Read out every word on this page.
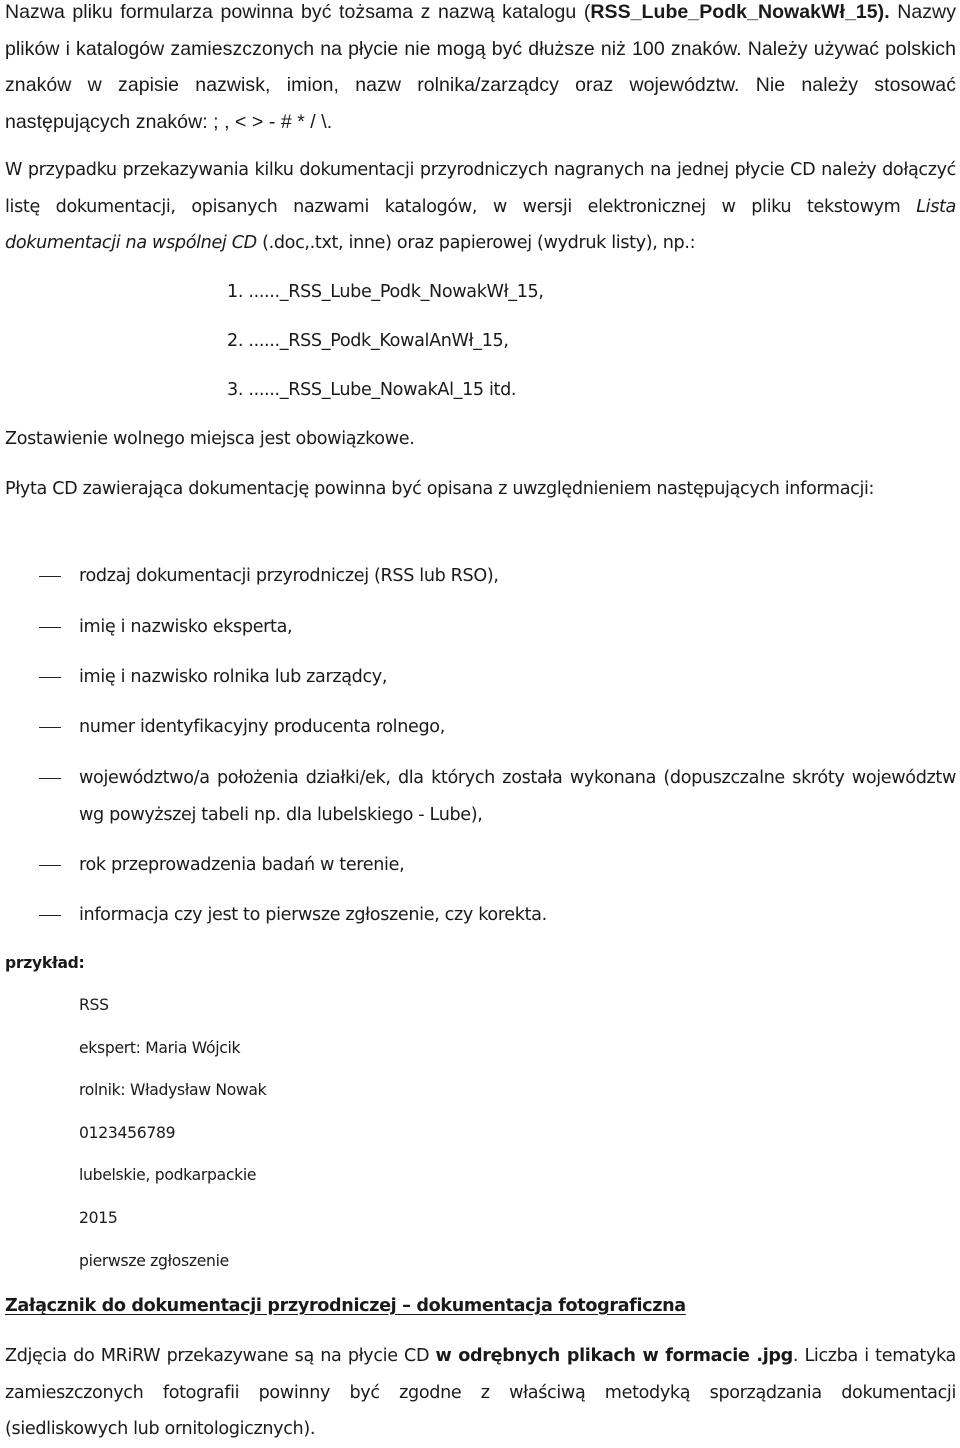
Nazwa pliku formularza powinna być tożsama z nazwą katalogu (RSS_Lube_Podk_NowakWł_15). Nazwy plików i katalogów zamieszczonych na płycie nie mogą być dłuższe niż 100 znaków. Należy używać polskich znaków w zapisie nazwisk, imion, nazw rolnika/zarządcy oraz województw. Nie należy stosować następujących znaków: ; , < > - # * / \.

W przypadku przekazywania kilku dokumentacji przyrodniczych nagranych na jednej płycie CD należy dołączyć listę dokumentacji, opisanych nazwami katalogów, w wersji elektronicznej w pliku tekstowym Lista dokumentacji na wspólnej CD (.doc,.txt, inne) oraz papierowej (wydruk listy), np.:

1. ......_RSS_Lube_Podk_NowakWł_15,
2. ......_RSS_Podk_KowalAnWł_15,
3. ......_RSS_Lube_NowakAl_15 itd.
Zostawienie wolnego miejsca jest obowiązkowe.

Płyta CD zawierająca dokumentację powinna być opisana z uwzględnieniem następujących informacji:

rodzaj dokumentacji przyrodniczej (RSS lub RSO),
imię i nazwisko eksperta,
imię i nazwisko rolnika lub zarządcy,
numer identyfikacyjny producenta rolnego,
województwo/a położenia działki/ek, dla których została wykonana (dopuszczalne skróty województw wg powyższej tabeli np. dla lubelskiego - Lube),
rok przeprowadzenia badań w terenie,
informacja czy jest to pierwsze zgłoszenie, czy korekta.
przykład:
RSS
ekspert: Maria Wójcik
rolnik: Władysław Nowak
0123456789
lubelskie, podkarpackie
2015
pierwsze zgłoszenie
Załącznik do dokumentacji przyrodniczej – dokumentacja fotograficzna

Zdjęcia do MRiRW przekazywane są na płycie CD w odrębnych plikach w formacie .jpg. Liczba i tematyka zamieszczonych fotografii powinny być zgodne z właściwą metodyką sporządzania dokumentacji (siedliskowych lub ornitologicznych).
